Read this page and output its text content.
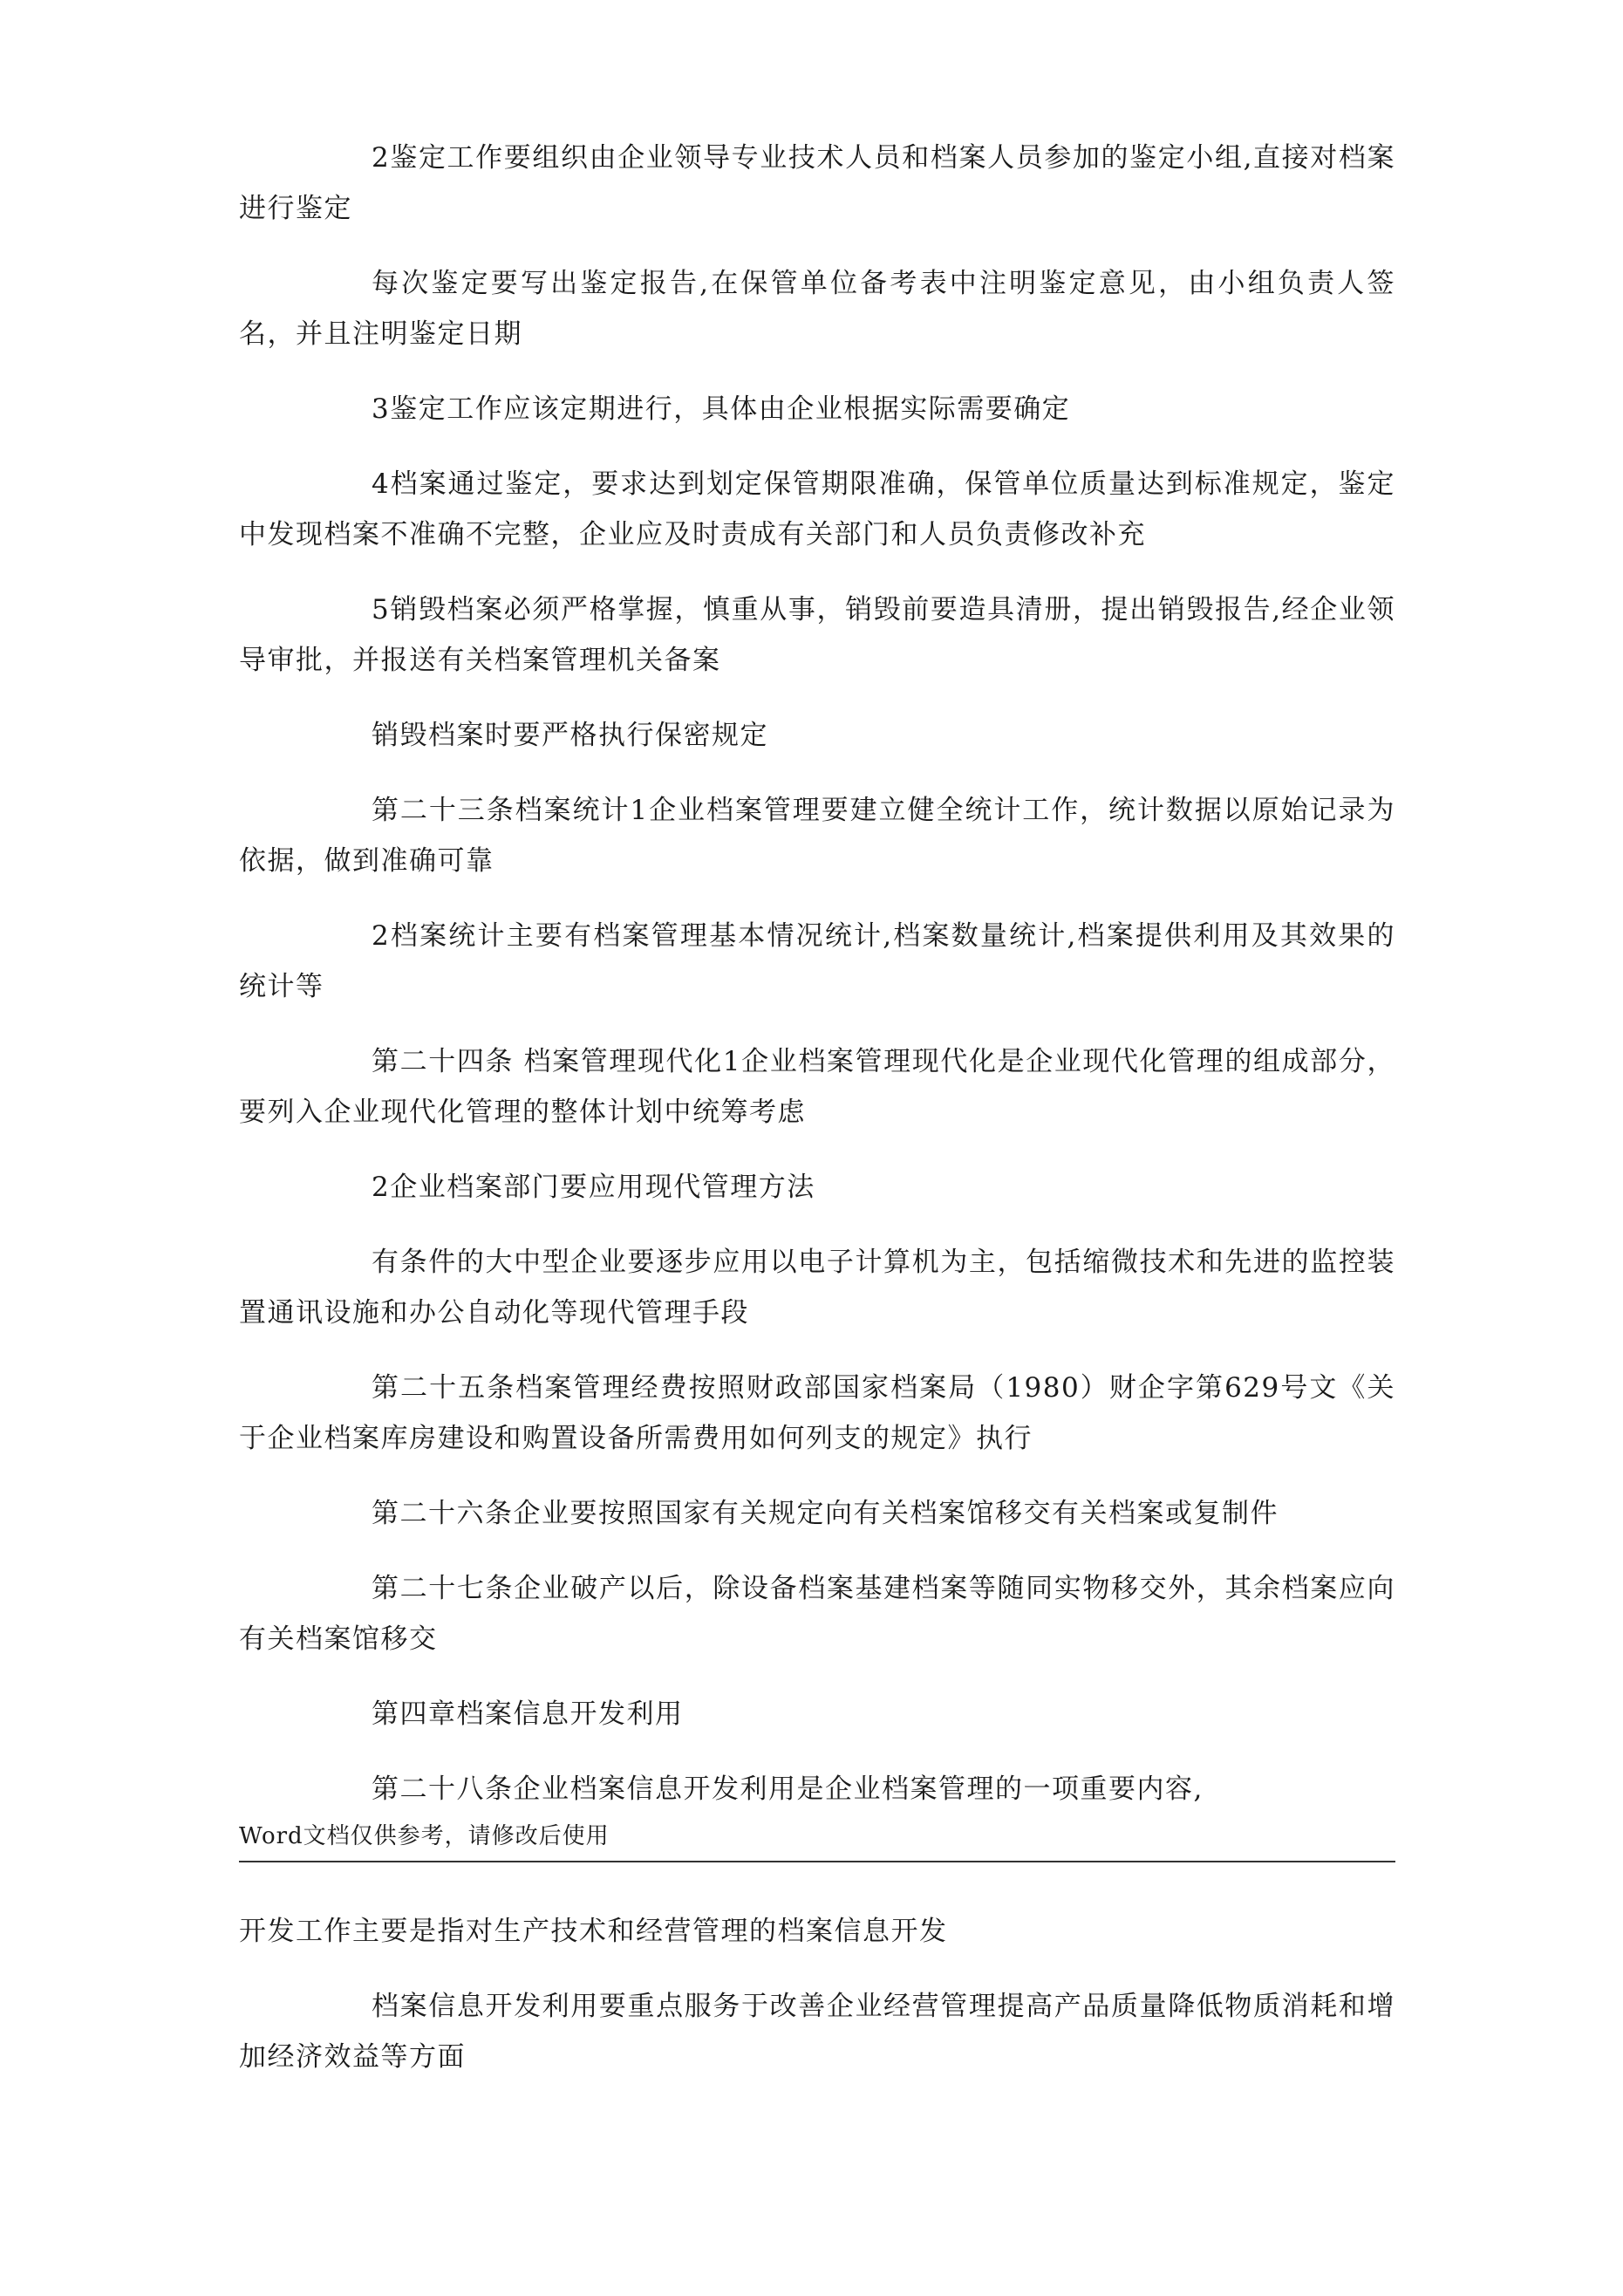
2鉴定工作要组织由企业领导专业技术人员和档案人员参加的鉴定小组,直接对档案进行鉴定

每次鉴定要写出鉴定报告,在保管单位备考表中注明鉴定意见，由小组负责人签名，并且注明鉴定日期

3鉴定工作应该定期进行，具体由企业根据实际需要确定

4档案通过鉴定，要求达到划定保管期限准确，保管单位质量达到标准规定，鉴定中发现档案不准确不完整，企业应及时责成有关部门和人员负责修改补充

5销毁档案必须严格掌握，慎重从事，销毁前要造具清册，提出销毁报告,经企业领导审批，并报送有关档案管理机关备案

销毁档案时要严格执行保密规定

第二十三条档案统计1企业档案管理要建立健全统计工作，统计数据以原始记录为依据，做到准确可靠

2档案统计主要有档案管理基本情况统计,档案数量统计,档案提供利用及其效果的统计等

第二十四条 档案管理现代化1企业档案管理现代化是企业现代化管理的组成部分，要列入企业现代化管理的整体计划中统筹考虑

2企业档案部门要应用现代管理方法

有条件的大中型企业要逐步应用以电子计算机为主，包括缩微技术和先进的监控装置通讯设施和办公自动化等现代管理手段

第二十五条档案管理经费按照财政部国家档案局（1980）财企字第629号文《关于企业档案库房建设和购置设备所需费用如何列支的规定》执行

第二十六条企业要按照国家有关规定向有关档案馆移交有关档案或复制件

第二十七条企业破产以后，除设备档案基建档案等随同实物移交外，其余档案应向有关档案馆移交

第四章档案信息开发利用

第二十八条企业档案信息开发利用是企业档案管理的一项重要内容,

Word文档仅供参考，请修改后使用

开发工作主要是指对生产技术和经营管理的档案信息开发

档案信息开发利用要重点服务于改善企业经营管理提高产品质量降低物质消耗和增加经济效益等方面
